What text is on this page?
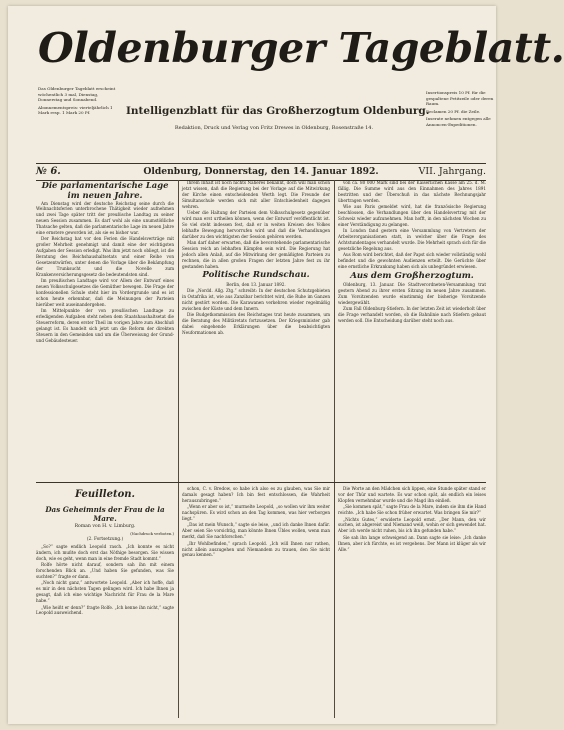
Oldenburger Tageblatt.

Das Oldenburger Tageblatt erscheint wöchentlich 3 mal, Dienstag, Donnerstag und Sonnabend.

Abonnementspreis: vierteljährlich 1 Mark resp. 1 Mark 20 Pf.	Intelligenzblatt für das Großherzogtum Oldenburg.
Redaktion, Druck und Verlag von Fritz Drewes in Oldenburg, Rosenstraße 14.

Insertionspreis 10 Pf. für die gespaltene Petitzeile oder deren Raum.

Reclamen 20 Pf. die Zeile.

Inserate nehmen entgegen alle Annoncen-Expeditionen.

№ 6.	Oldenburg, Donnerstag, den 14. Januar 1892.	VII. Jahrgang.

Die parlamentarische Lage im neuen Jahre.

Am Dienstag wird der deutsche Reichstag seine durch die Weihnachtsferien unterbrochene Thätigkeit wieder aufnehmen und zwei Tage später tritt der preußische Landtag zu seiner neuen Session zusammen. Es darf wohl als eine unumstößliche Thatsache gelten, daß die parlamentarische Lage im neuen Jahre eine ernstere geworden ist, als sie es bisher war.

Der Reichstag hat vor den Ferien die Handelsverträge mit großer Mehrheit genehmigt und damit eine der wichtigsten Aufgaben der Session erledigt. Was ihm jetzt noch obliegt, ist die Beratung des Reichshaushaltsetats und einer Reihe von Gesetzentwürfen, unter denen die Vorlage über die Bekämpfung der Trunksucht und die Novelle zum Krankenversicherungsgesetz die bedeutendsten sind.

Im preußischen Landtage wird vor Allem der Entwurf eines neuen Volksschulgesetzes die Gemüther bewegen. Die Frage der konfessionellen Schule steht hier im Vordergrunde und es ist schon heute erkennbar, daß die Meinungen der Parteien hierüber weit auseinandergehen.

Im Mittelpunkte der von preußischen Landtage zu erledigenden Aufgaben steht neben dem Staatshaushaltsetat die Steuerreform, deren erster Theil im vorigen Jahre zum Abschluß gelangt ist. Es handelt sich jetzt um die Reform der direkten Steuern in den Gemeinden und um die Überweisung der Grund- und Gebäudesteuer.

Ihrem Inhalt ist noch nichts Näheres bekannt, doch will man schon jetzt wissen, daß die Regierung bei der Vorlage auf die Mitwirkung der Kirche einen entscheidenden Werth legt. Die Freunde der Simultanschule werden sich mit aller Entschiedenheit dagegen wehren.

Ueber die Haltung der Parteien dem Volksschulgesetz gegenüber wird man erst urtheilen können, wenn der Entwurf veröffentlicht ist. So viel steht indessen fest, daß er in weiten Kreisen des Volkes lebhafte Bewegung hervorrufen wird und daß die Verhandlungen darüber zu den wichtigsten der Session gehören werden.

Man darf daher erwarten, daß die bevorstehende parlamentarische Session reich an lebhaften Kämpfen sein wird. Die Regierung hat jedoch allen Anlaß, auf die Mitwirkung der gemäßigten Parteien zu rechnen, die in allen großen Fragen der letzten Jahre fest zu ihr gestanden haben.

Politische Rundschau.

Berlin, den 13. Januar 1892.

Die „Nordd. Allg. Ztg.“ schreibt: In der deutschen Schutzgebieten in Ostafrika ist, wie aus Zanzibar berichtet wird, die Ruhe im Ganzen nicht gestört worden. Die Karawanen verkehren wieder regelmäßig zwischen der Küste und dem Innern.

Die Budgetkommission des Reichstages trat heute zusammen, um die Beratung des Militäretats fortzusetzen. Der Kriegsminister gab dabei eingehende Erklärungen über die beabsichtigten Neuformationen ab.

von ca. 80 000 Mark sind bei der Kaiserlichen Kasse am 25. d. M. fällig. Die Summe wird aus den Einnahmen des Jahres 1891 bestritten und der Überschuß in das nächste Rechnungsjahr übertragen werden.

Wie aus Paris gemeldet wird, hat die französische Regierung beschlossen, die Verhandlungen über den Handelsvertrag mit der Schweiz wieder aufzunehmen. Man hofft, in den nächsten Wochen zu einer Verständigung zu gelangen.

In London fand gestern eine Versammlung von Vertretern der Arbeiterorganisationen statt, in welcher über die Frage des Achtstundentages verhandelt wurde. Die Mehrheit sprach sich für die gesetzliche Regelung aus.

Aus Rom wird berichtet, daß der Papst sich wieder vollständig wohl befindet und die gewohnten Audienzen erteilt. Die Gerüchte über eine ernstliche Erkrankung haben sich als unbegründet erwiesen.

Aus dem Großherzogtum.

Oldenburg, 13. Januar. Die Stadtverordneten-Versammlung trat gestern Abend zu ihrer ersten Sitzung im neuen Jahre zusammen. Zum Vorsitzenden wurde einstimmig der bisherige Vorsitzende wiedergewählt.

Zum Fall Oldenburg-Stiefern. In der letzten Zeit ist wiederholt über die Frage verhandelt worden, ob die Bahnlinie nach Stiefern gebaut werden soll. Die Entscheidung darüber steht noch aus.

Feuilleton.
Das Geheimnis der Frau de la Mare.
Roman von H. v. Limburg.
(Nachdruck verboten.)
(2. Fortsetzung.)

„So?“ sagte endlich Leopold rasch. „Ich konnte es nicht ändern, ich mußte doch erst das Nöthige besorgen. Sie wissen doch, wie es geht, wenn man in eine fremde Stadt kommt.“

Rolfe hörte nicht darauf, sondern sah ihn mit einem forschenden Blick an. „Und haben Sie gefunden, was Sie suchten?“ fragte er dann.

„Noch nicht ganz,“ antwortete Leopold. „Aber ich hoffe, daß es mir in den nächsten Tagen gelingen wird. Ich habe Ihnen ja gesagt, daß ich eine wichtige Nachricht für Frau de la Mare habe.“

„Wie heißt er denn?“ fragte Rolfe. „Ich kenne ihn nicht,“ sagte Leopold ausweichend.

schon, C. v. Bredow, so habe ich also es zu glauben, was Sie mir damals gesagt haben? Ich bin fest entschlossen, die Wahrheit herauszubringen.“

„Wenn er aber so ist,“ murmelte Leopold, „so wollen wir ihm weiter nachspüren. Es wird schon an den Tag kommen, was hier verborgen liegt.“

„Das ist mein Wunsch,“ sagte sie leise, „und ich danke Ihnen dafür. Aber seien Sie vorsichtig, man könnte Ihnen Übles wollen, wenn man merkt, daß Sie nachforschen.“

„Ihr Wohlbefinden,“ sprach Leopold. „Ich will Ihnen nur rathen, nicht allein auszugehen und Niemandem zu trauen, den Sie nicht genau kennen.“

Die Worte an den Mädchen sich lippen, eine Stunde später stand er vor der Thür und wartete. Es war schon spät, als endlich ein leises Klopfen vernehmbar wurde und die Magd ihn einließ.

„Sie kommen spät,“ sagte Frau de la Mare, indem sie ihm die Hand reichte. „Ich habe Sie schon früher erwartet. Was bringen Sie mir?“

„Nichts Gutes,“ erwiderte Leopold ernst. „Der Mann, den wir suchen, ist abgereist und Niemand weiß, wohin er sich gewendet hat. Aber ich werde nicht ruhen, bis ich ihn gefunden habe.“

Sie sah ihn lange schweigend an. Dann sagte sie leise: „Ich danke Ihnen, aber ich fürchte, es ist vergebens. Der Mann ist klüger als wir Alle.“
